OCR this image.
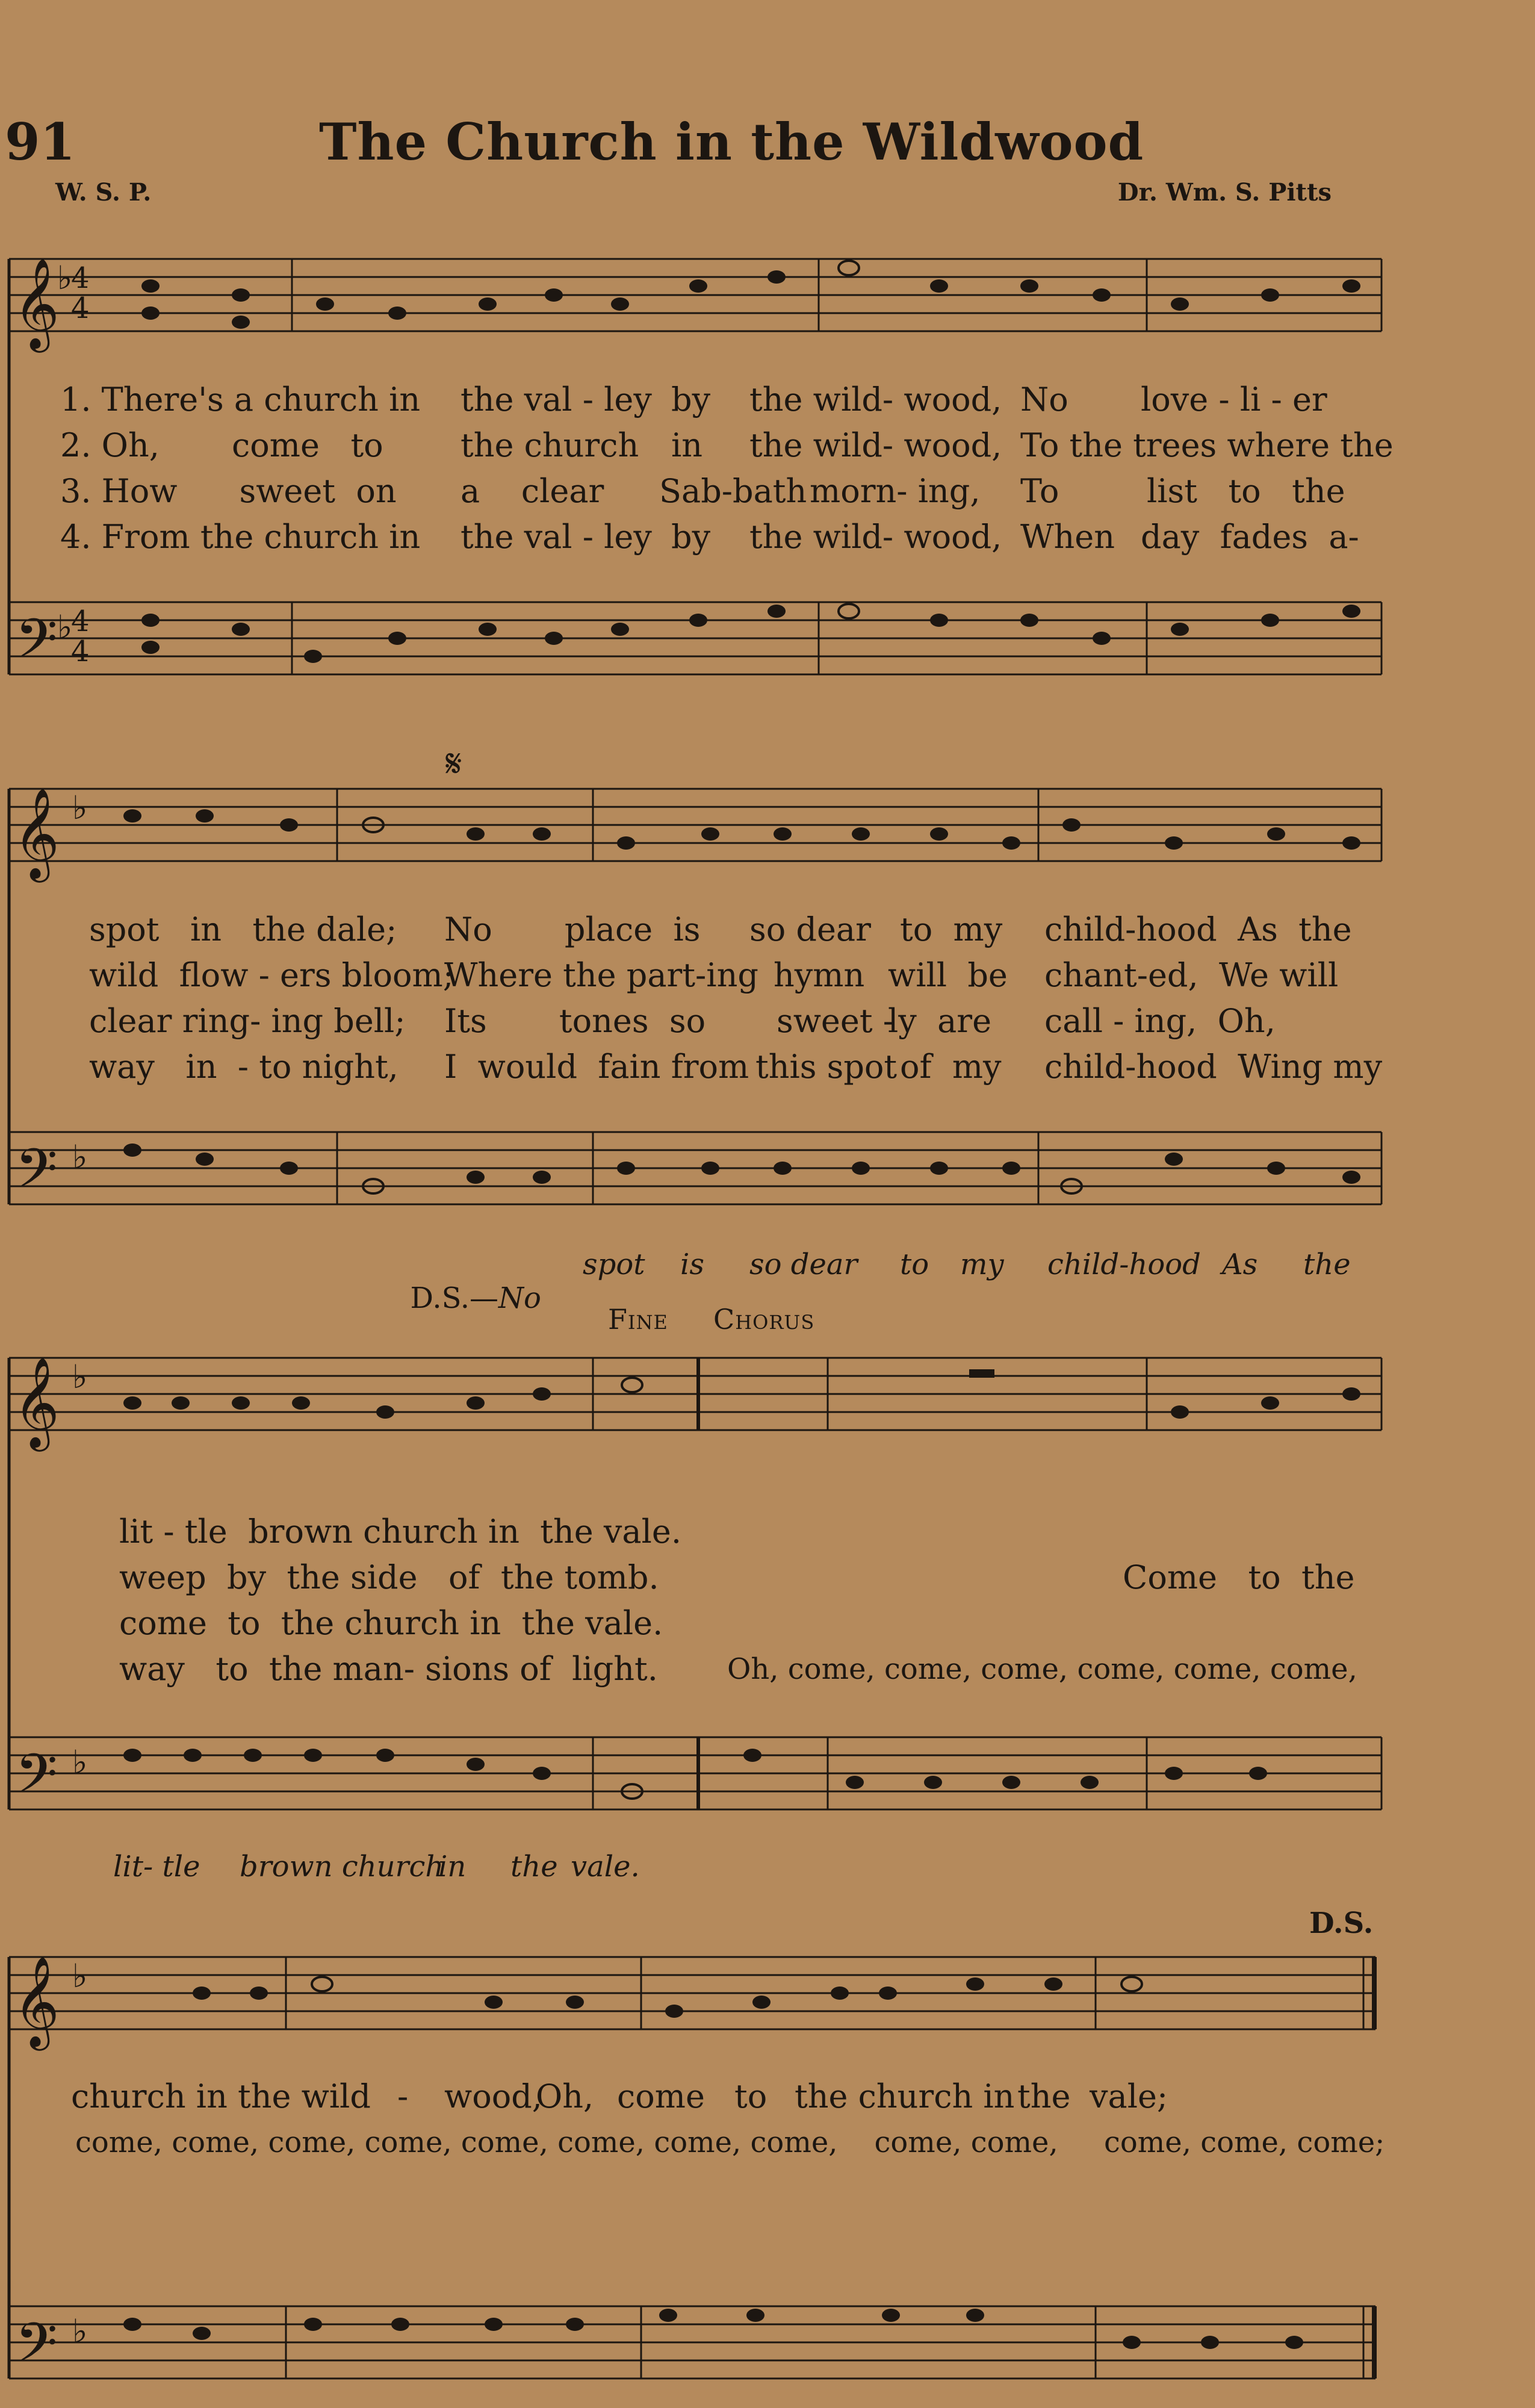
91	The Church in the Wildwood
W. S. P.	Dr. Wm. S. Pitts
𝄞
𝄢
4
4
4
4
♭
♭
1. There's a church in the val - ley by the wild- wood, No love - li - er
2. Oh,       come   to the church in the wild- wood, To the trees where the
3. How      sweet  on a    clear Sab-bath morn- ing, To	list   to   the
4. From the church in the val - ley by the wild- wood, When day  fades  a-
𝄞
𝄢
♭
♭
𝄋
spot   in   the dale; No       place  is so dear to  my child-hood  As  the
wild  flow - ers bloom;
Where the part-ing hymn will  be chant-ed,  We will
clear ring- ing bell; Its       tones  so sweet -
ly  are call - ing,  Oh,
way   in  - to night, I  would  fain from this spot of  my child-hood  Wing my

D.S.—No

spot is so dear to my child-hood As the
Fine Chorus
𝄞
𝄢
♭
♭
lit - tle  brown church in  the vale.
weep  by  the side   of  the tomb.
come  to  the church in  the vale.
way   to  the man- sions of  light.
Come   to  the
Oh, come, come, come, come, come, come,
lit- tle brown church
in the vale.
D.S.
𝄞
𝄢
♭
♭
church in the wild - wood,
Oh, come to the church in the vale;
come, come, come, come, come, come, come, come,    come, come,     come, come, come;
